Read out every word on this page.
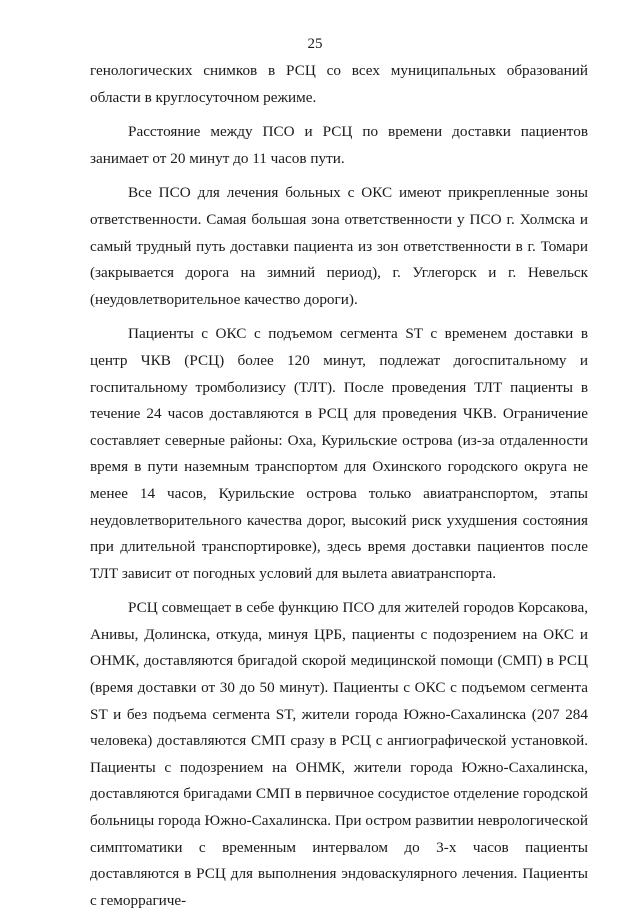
25

генологических снимков в РСЦ со всех муниципальных образований области в круглосуточном режиме.

Расстояние между ПСО и РСЦ по времени доставки пациентов занимает от 20 минут до 11 часов пути.

Все ПСО для лечения больных с ОКС имеют прикрепленные зоны ответственности. Самая большая зона ответственности у ПСО г. Холмска и самый трудный путь доставки пациента из зон ответственности в г. Томари (закрывается дорога на зимний период), г. Углегорск и г. Невельск (неудовлетворительное качество дороги).

Пациенты с ОКС с подъемом сегмента ST с временем доставки в центр ЧКВ (РСЦ) более 120 минут, подлежат догоспитальному и госпитальному тромболизису (ТЛТ). После проведения ТЛТ пациенты в течение 24 часов доставляются в РСЦ для проведения ЧКВ. Ограничение составляет северные районы: Оха, Курильские острова (из-за отдаленности время в пути наземным транспортом для Охинского городского округа не менее 14 часов, Курильские острова только авиатранспортом, этапы неудовлетворительного качества дорог, высокий риск ухудшения состояния при длительной транспортировке), здесь время доставки пациентов после ТЛТ зависит от погодных условий для вылета авиатранспорта.

РСЦ совмещает в себе функцию ПСО для жителей городов Корсакова, Анивы, Долинска, откуда, минуя ЦРБ, пациенты с подозрением на ОКС и ОНМК, доставляются бригадой скорой медицинской помощи (СМП) в РСЦ (время доставки от 30 до 50 минут). Пациенты с ОКС с подъемом сегмента ST и без подъема сегмента ST, жители города Южно-Сахалинска (207 284 человека) доставляются СМП сразу в РСЦ с ангиографической установкой. Пациенты с подозрением на ОНМК, жители города Южно-Сахалинска, доставляются бригадами СМП в первичное сосудистое отделение городской больницы города Южно-Сахалинска. При остром развитии неврологической симптоматики с временным интервалом до 3-х часов пациенты доставляются в РСЦ для выполнения эндоваскулярного лечения. Пациенты с геморрагиче-
